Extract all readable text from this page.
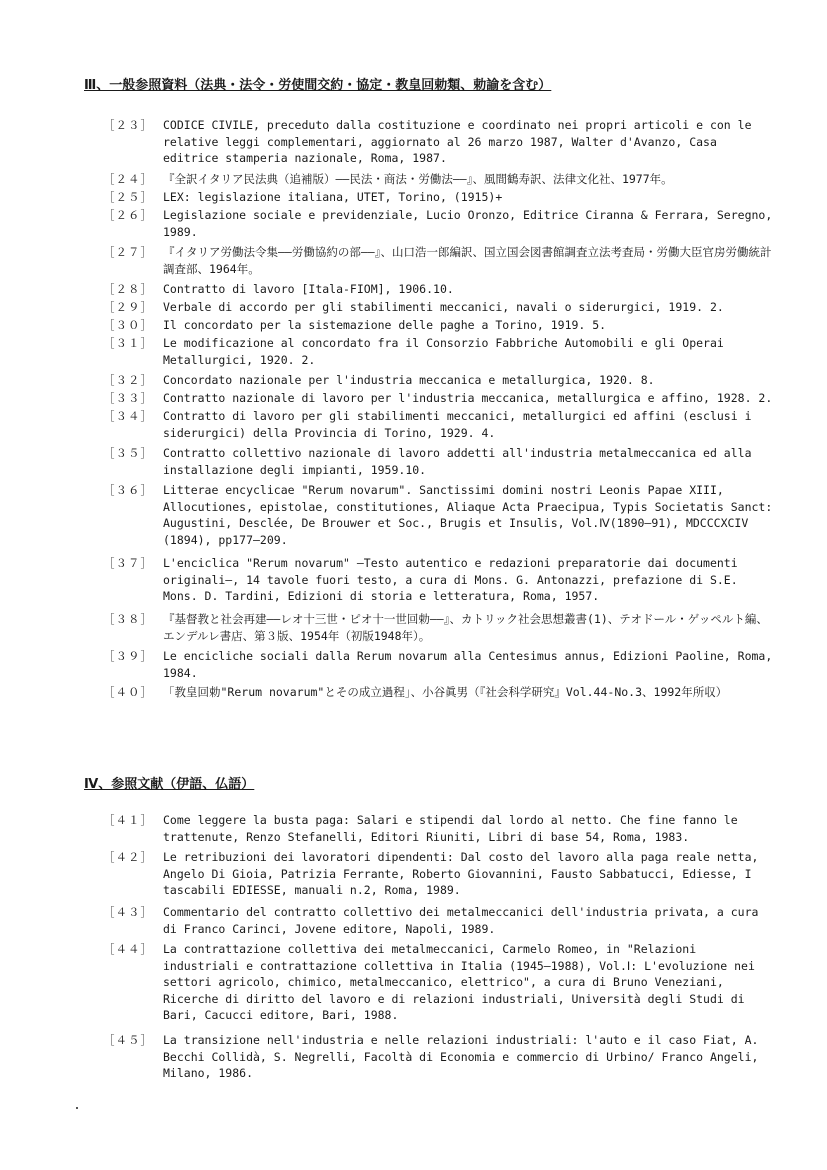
Ⅲ、一般参照資料（法典・法令・労使間交約・協定・教皇回勅類、勅諭を含む）
［２３］ CODICE CIVILE, preceduto dalla costituzione e coordinato nei propri articoli e con le relative leggi complementari, aggiornato al 26 marzo 1987, Walter d'Avanzo, Casa editrice stamperia nazionale, Roma, 1987.
［２４］ 『全訳イタリア民法典（追補版）――民法・商法・労働法――』、風間鶴寿訳、法律文化社、1977年。
［２５］ LEX: legislazione italiana, UTET, Torino, (1915)+
［２６］ Legislazione sociale e previdenziale, Lucio Oronzo, Editrice Ciranna & Ferrara, Seregno, 1989.
［２７］ 『イタリア労働法令集――労働協約の部――』、山口浩一郎編訳、国立国会図書館調査立法考査局・労働大臣官房労働統計調査部、1964年。
［２８］ Contratto di lavoro [Itala-FIOM], 1906.10.
［２９］ Verbale di accordo per gli stabilimenti meccanici, navali o siderurgici, 1919. 2.
［３０］ Il concordato per la sistemazione delle paghe a Torino, 1919. 5.
［３１］ Le modificazione al concordato fra il Consorzio Fabbriche Automobili e gli Operai Metallurgici, 1920. 2.
［３２］ Concordato nazionale per l'industria meccanica e metallurgica, 1920. 8.
［３３］ Contratto nazionale di lavoro per l'industria meccanica, metallurgica e affino, 1928. 2.
［３４］ Contratto di lavoro per gli stabilimenti meccanici, metallurgici ed affini (esclusi i siderurgici) della Provincia di Torino, 1929. 4.
［３５］ Contratto collettivo nazionale di lavoro addetti all'industria metalmeccanica ed alla installazione degli impianti, 1959.10.
［３６］ Litterae encyclicae "Rerum novarum". Sanctissimi domini nostri Leonis Papae XIII, Allocutiones, epistolae, constitutiones, Aliaque Acta Praecipua, Typis Societatis Sanct: Augustini, Desclée, De Brouwer et Soc., Brugis et Insulis, Vol.Ⅳ(1890―91), MDCCCXCIV (1894), pp177―209.
［３７］ L'enciclica "Rerum novarum" ―Testo autentico e redazioni preparatorie dai documenti originali―, 14 tavole fuori testo, a cura di Mons. G. Antonazzi, prefazione di S.E. Mons. D. Tardini, Edizioni di storia e letteratura, Roma, 1957.
［３８］ 『基督教と社会再建――レオ十三世・ピオ十一世回勅――』、カトリック社会思想叢書(1)、テオドール・ゲッペルト編、エンデルレ書店、第３版、1954年（初版1948年）。
［３９］ Le encicliche sociali dalla Rerum novarum alla Centesimus annus, Edizioni Paoline, Roma, 1984.
［４０］ 「教皇回勅"Rerum novarum"とその成立過程」、小谷眞男（『社会科学研究』Vol.44-No.3、1992年所収）
Ⅳ、参照文献（伊語、仏語）
［４１］ Come leggere la busta paga: Salari e stipendi dal lordo al netto. Che fine fanno le trattenute, Renzo Stefanelli, Editori Riuniti, Libri di base 54, Roma, 1983.
［４２］ Le retribuzioni dei lavoratori dipendenti: Dal costo del lavoro alla paga reale netta, Angelo Di Gioia, Patrizia Ferrante, Roberto Giovannini, Fausto Sabbatucci, Ediesse, I tascabili EDIESSE, manuali n.2, Roma, 1989.
［４３］ Commentario del contratto collettivo dei metalmeccanici dell'industria privata, a cura di Franco Carinci, Jovene editore, Napoli, 1989.
［４４］ La contrattazione collettiva dei metalmeccanici, Carmelo Romeo, in "Relazioni industriali e contrattazione collettiva in Italia (1945―1988), Vol.Ⅰ: L'evoluzione nei settori agricolo, chimico, metalmeccanico, elettrico", a cura di Bruno Veneziani, Ricerche di diritto del lavoro e di relazioni industriali, Università degli Studi di Bari, Cacucci editore, Bari, 1988.
［４５］ La transizione nell'industria e nelle relazioni industriali: l'auto e il caso Fiat, A. Becchi Collidà, S. Negrelli, Facoltà di Economia e commercio di Urbino/ Franco Angeli, Milano, 1986.
